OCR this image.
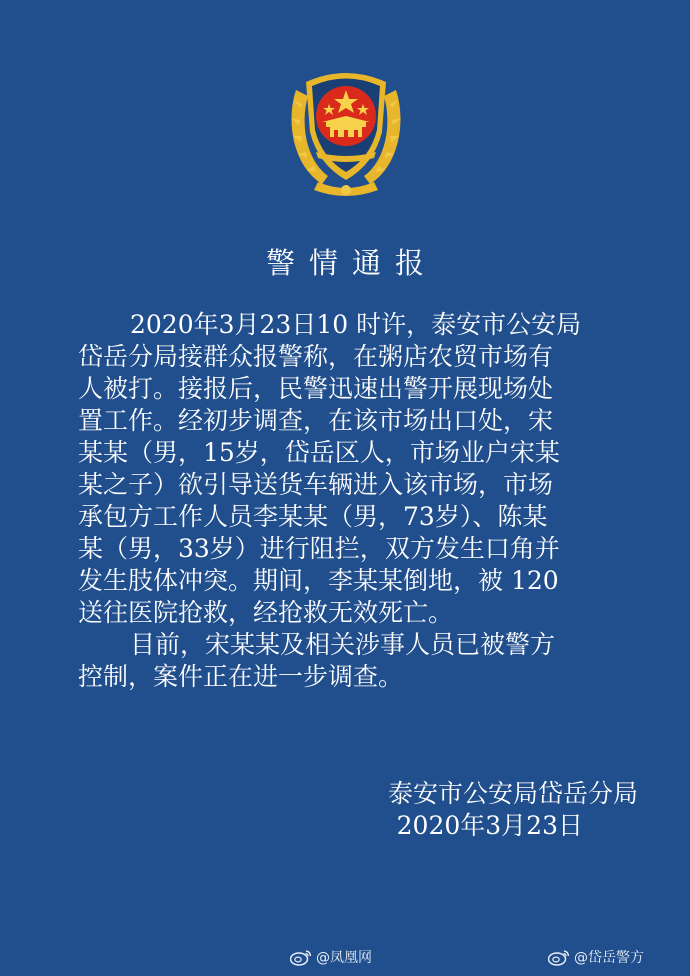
警情通报
2020年3月23日10 时许，泰安市公安局
岱岳分局接群众报警称，在粥店农贸市场有
人被打。接报后，民警迅速出警开展现场处
置工作。经初步调查，在该市场出口处，宋
某某（男，15岁，岱岳区人，市场业户宋某
某之子）欲引导送货车辆进入该市场，市场
承包方工作人员李某某（男，73岁）、陈某
某（男，33岁）进行阻拦，双方发生口角并
发生肢体冲突。期间，李某某倒地，被 120
送往医院抢救，经抢救无效死亡。
目前，宋某某及相关涉事人员已被警方
控制，案件正在进一步调查。
泰安市公安局岱岳分局
2020年3月23日
@凤凰网	@岱岳警方
